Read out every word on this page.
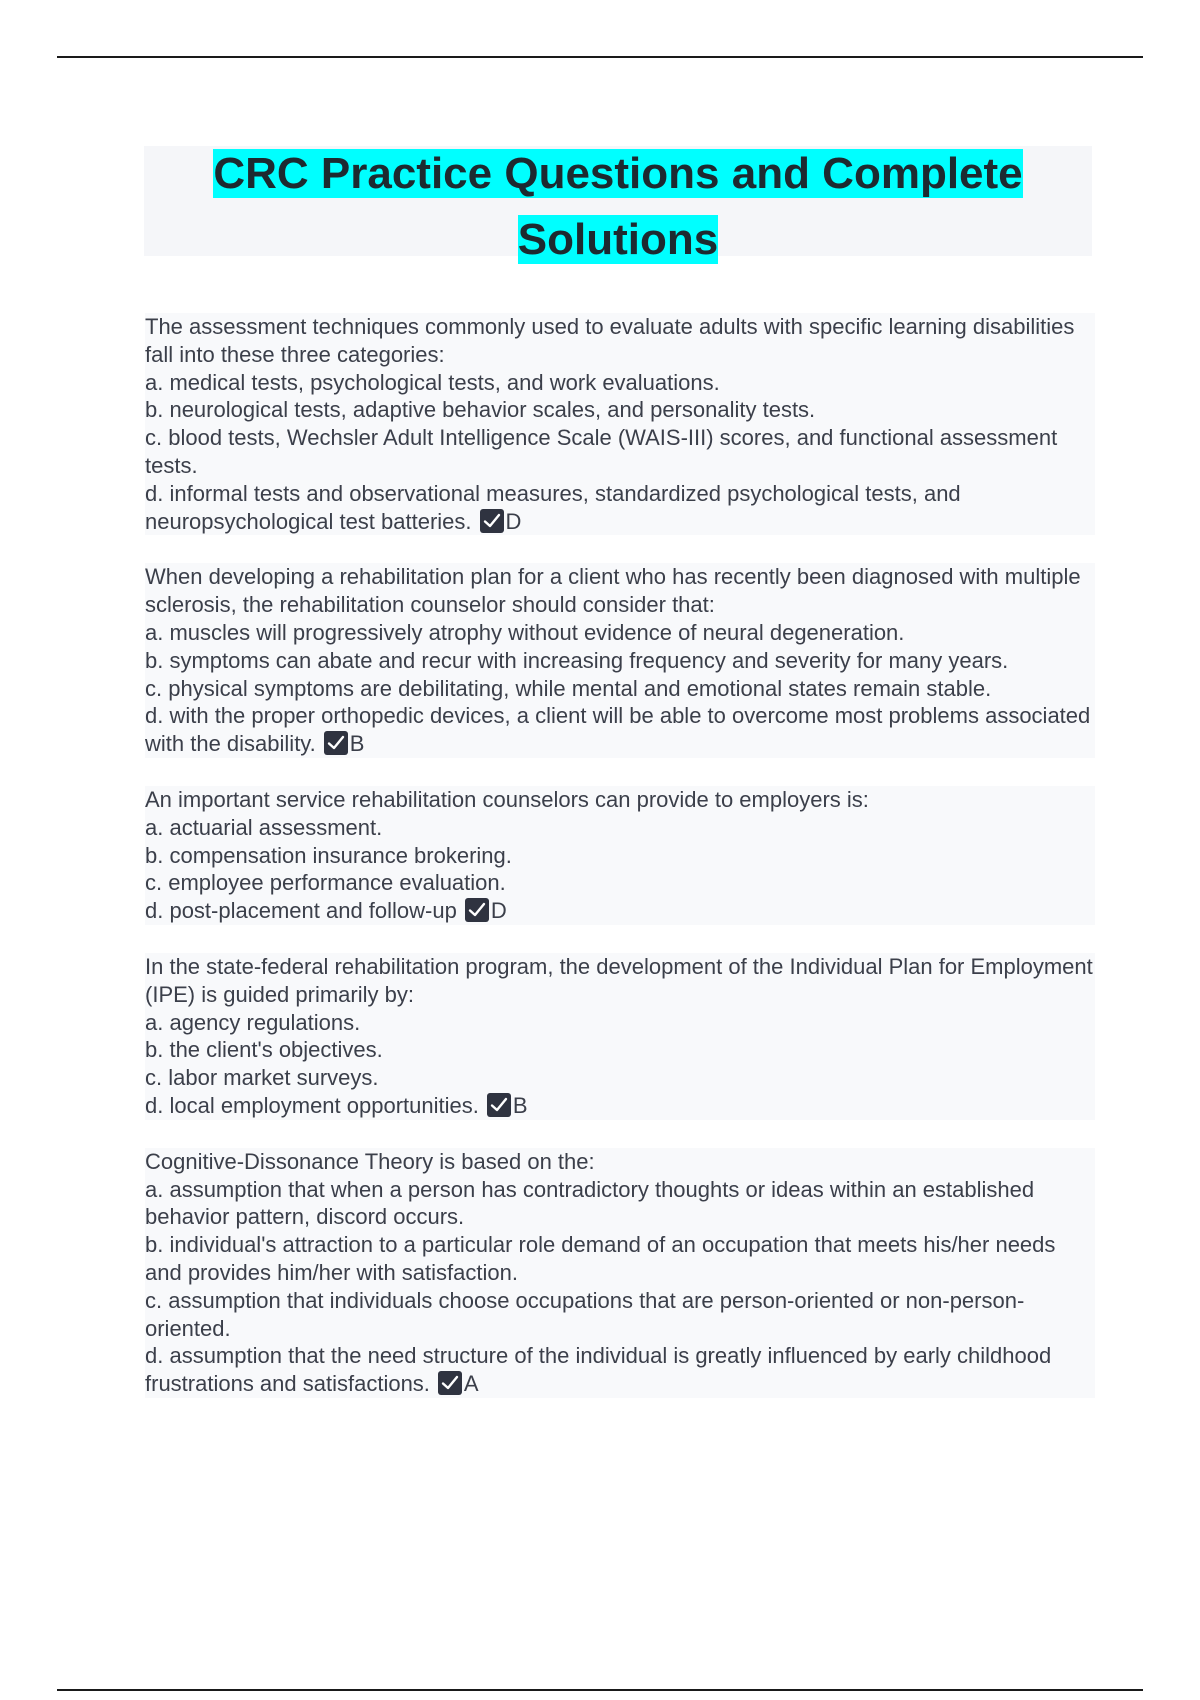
CRC Practice Questions and Complete Solutions
The assessment techniques commonly used to evaluate adults with specific learning disabilities fall into these three categories:
a. medical tests, psychological tests, and work evaluations.
b. neurological tests, adaptive behavior scales, and personality tests.
c. blood tests, Wechsler Adult Intelligence Scale (WAIS-III) scores, and functional assessment tests.
d. informal tests and observational measures, standardized psychological tests, and neuropsychological test batteries. D
When developing a rehabilitation plan for a client who has recently been diagnosed with multiple sclerosis, the rehabilitation counselor should consider that:
a. muscles will progressively atrophy without evidence of neural degeneration.
b. symptoms can abate and recur with increasing frequency and severity for many years.
c. physical symptoms are debilitating, while mental and emotional states remain stable.
d. with the proper orthopedic devices, a client will be able to overcome most problems associated with the disability. B
An important service rehabilitation counselors can provide to employers is:
a. actuarial assessment.
b. compensation insurance brokering.
c. employee performance evaluation.
d. post-placement and follow-up D
In the state-federal rehabilitation program, the development of the Individual Plan for Employment (IPE) is guided primarily by:
a. agency regulations.
b. the client's objectives.
c. labor market surveys.
d. local employment opportunities. B
Cognitive-Dissonance Theory is based on the:
a. assumption that when a person has contradictory thoughts or ideas within an established behavior pattern, discord occurs.
b. individual's attraction to a particular role demand of an occupation that meets his/her needs and provides him/her with satisfaction.
c. assumption that individuals choose occupations that are person-oriented or non-person-oriented.
d. assumption that the need structure of the individual is greatly influenced by early childhood frustrations and satisfactions. A
